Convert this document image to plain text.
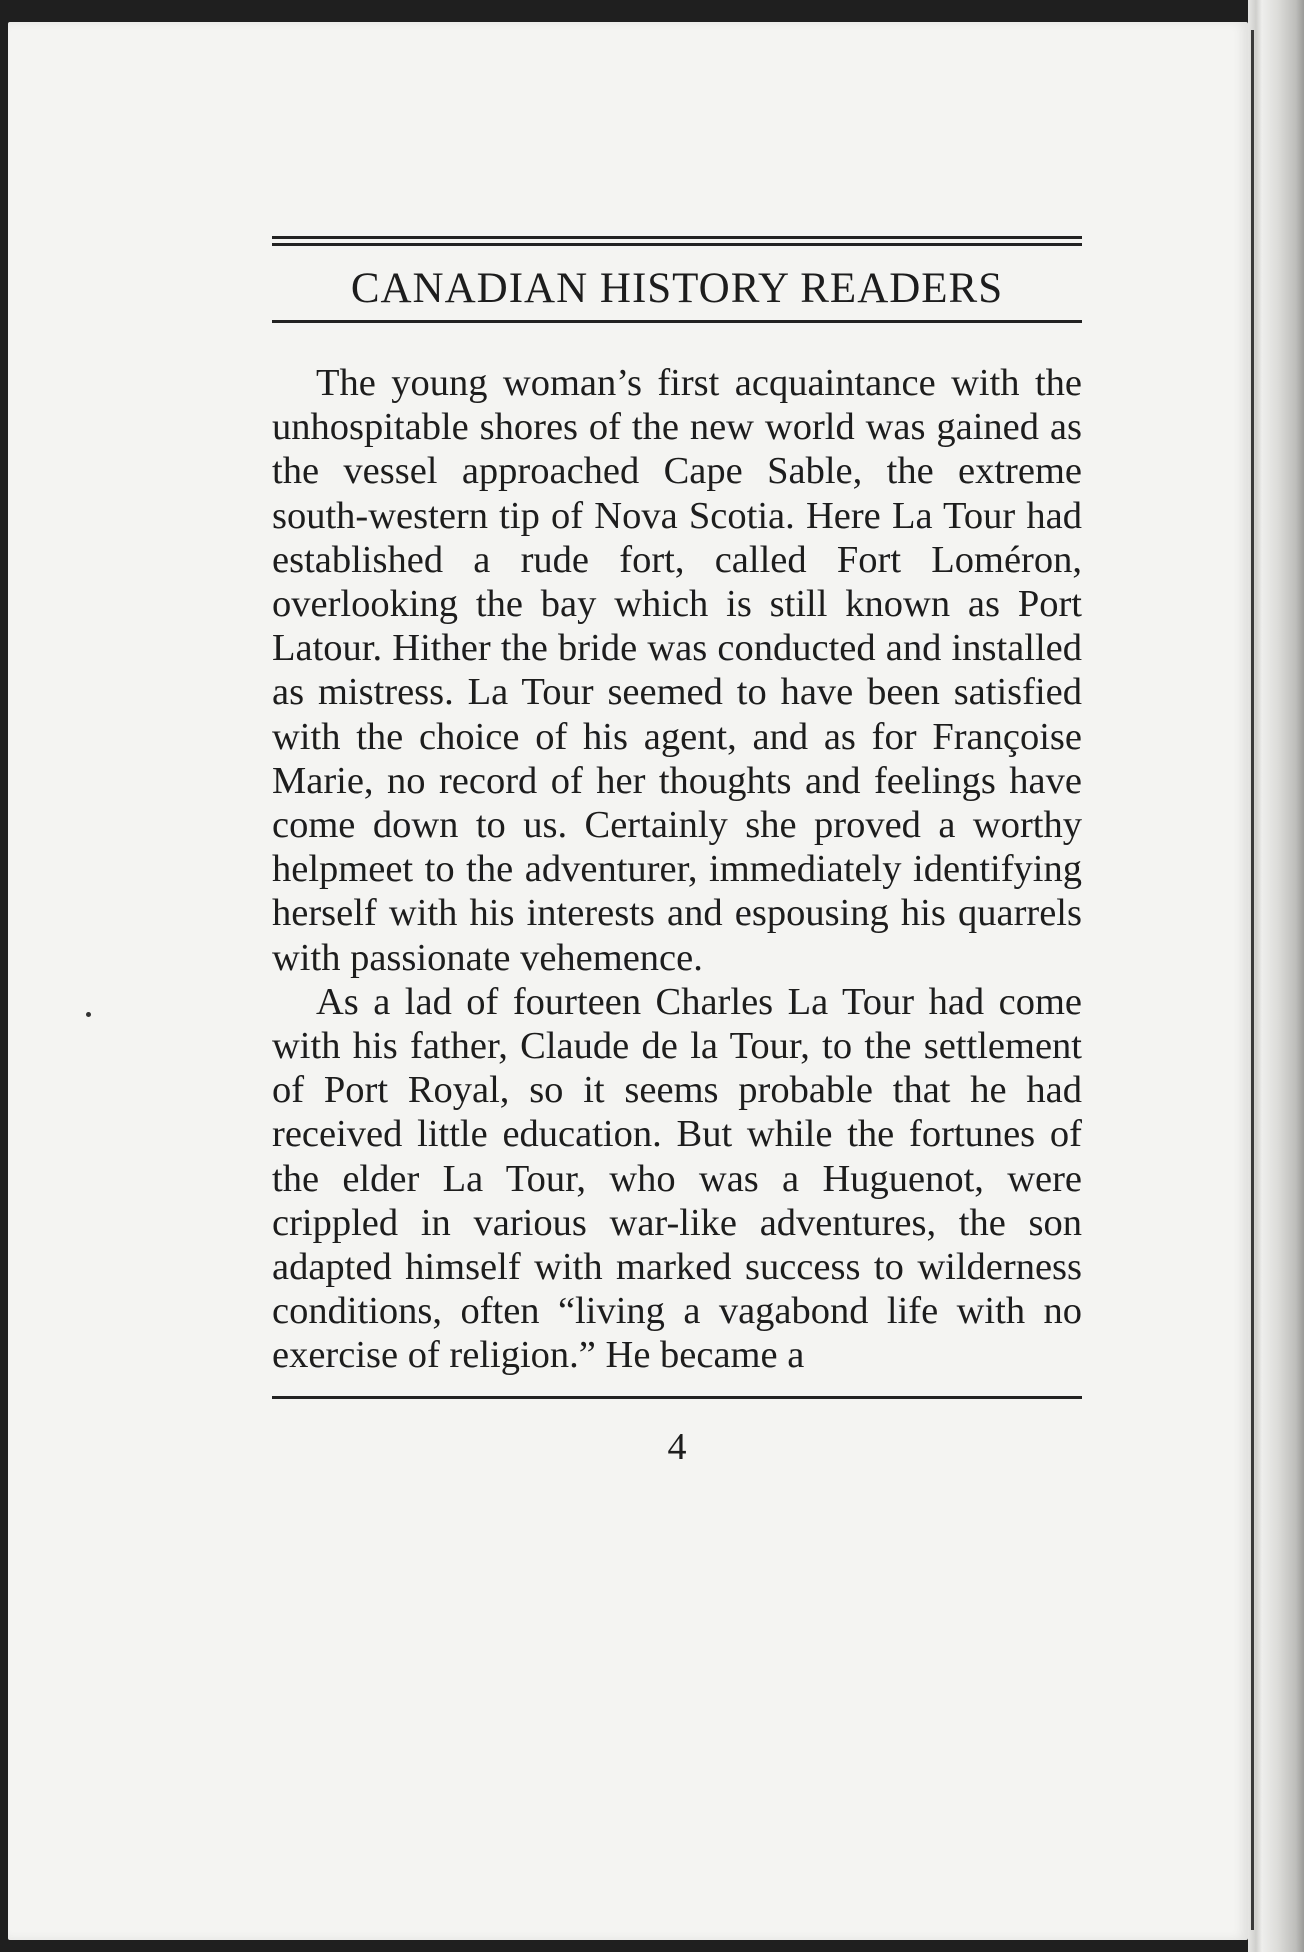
CANADIAN HISTORY READERS

The young woman’s first acquaintance with the unhospitable shores of the new world was gained as the vessel approached Cape Sable, the extreme south-western tip of Nova Scotia. Here La Tour had established a rude fort, called Fort Loméron, overlooking the bay which is still known as Port Latour. Hither the bride was conducted and installed as mistress. La Tour seemed to have been satisfied with the choice of his agent, and as for Françoise Marie, no record of her thoughts and feelings have come down to us. Certainly she proved a worthy helpmeet to the adventurer, immediately identifying herself with his interests and espousing his quarrels with passionate vehemence.

As a lad of fourteen Charles La Tour had come with his father, Claude de la Tour, to the settlement of Port Royal, so it seems probable that he had received little education. But while the fortunes of the elder La Tour, who was a Huguenot, were crippled in various war-like adventures, the son adapted himself with marked success to wilderness conditions, often “living a vagabond life with no exercise of religion.” He became a

4
